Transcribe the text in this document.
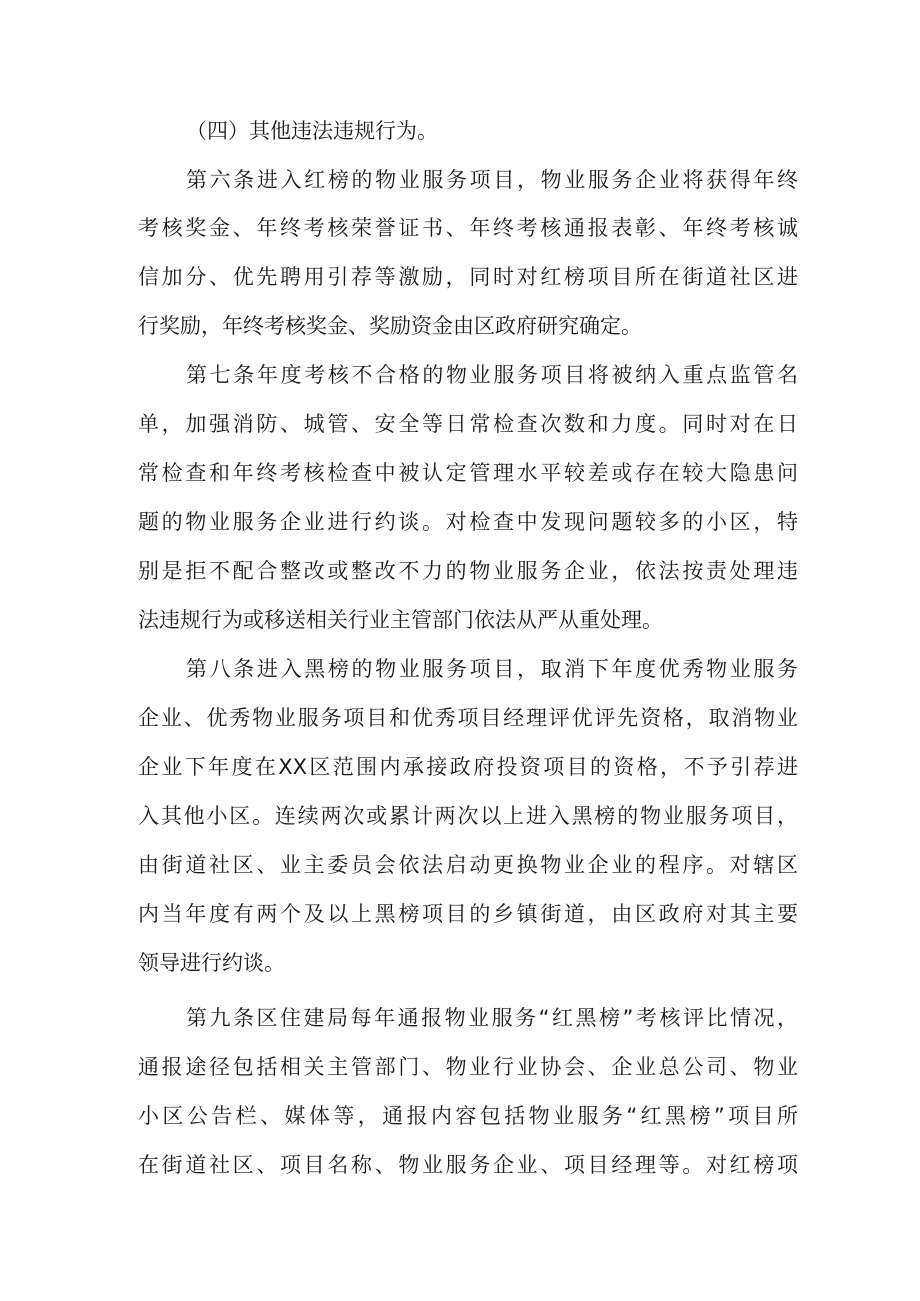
（四）其他违法违规行为。
第六条进入红榜的物业服务项目，物业服务企业将获得年终
考核奖金、年终考核荣誉证书、年终考核通报表彰、年终考核诚
信加分、优先聘用引荐等激励，同时对红榜项目所在街道社区进
行奖励，年终考核奖金、奖励资金由区政府研究确定。
第七条年度考核不合格的物业服务项目将被纳入重点监管名
单，加强消防、城管、安全等日常检查次数和力度。同时对在日
常检查和年终考核检查中被认定管理水平较差或存在较大隐患问
题的物业服务企业进行约谈。对检查中发现问题较多的小区，特
别是拒不配合整改或整改不力的物业服务企业，依法按责处理违
法违规行为或移送相关行业主管部门依法从严从重处理。
第八条进入黑榜的物业服务项目，取消下年度优秀物业服务
企业、优秀物业服务项目和优秀项目经理评优评先资格，取消物业
企业下年度在XX区范围内承接政府投资项目的资格，不予引荐进
入其他小区。连续两次或累计两次以上进入黑榜的物业服务项目，
由街道社区、业主委员会依法启动更换物业企业的程序。对辖区
内当年度有两个及以上黑榜项目的乡镇街道，由区政府对其主要
领导进行约谈。
第九条区住建局每年通报物业服务“红黑榜”考核评比情况，
通报途径包括相关主管部门、物业行业协会、企业总公司、物业
小区公告栏、媒体等，通报内容包括物业服务“红黑榜”项目所
在街道社区、项目名称、物业服务企业、项目经理等。对红榜项
